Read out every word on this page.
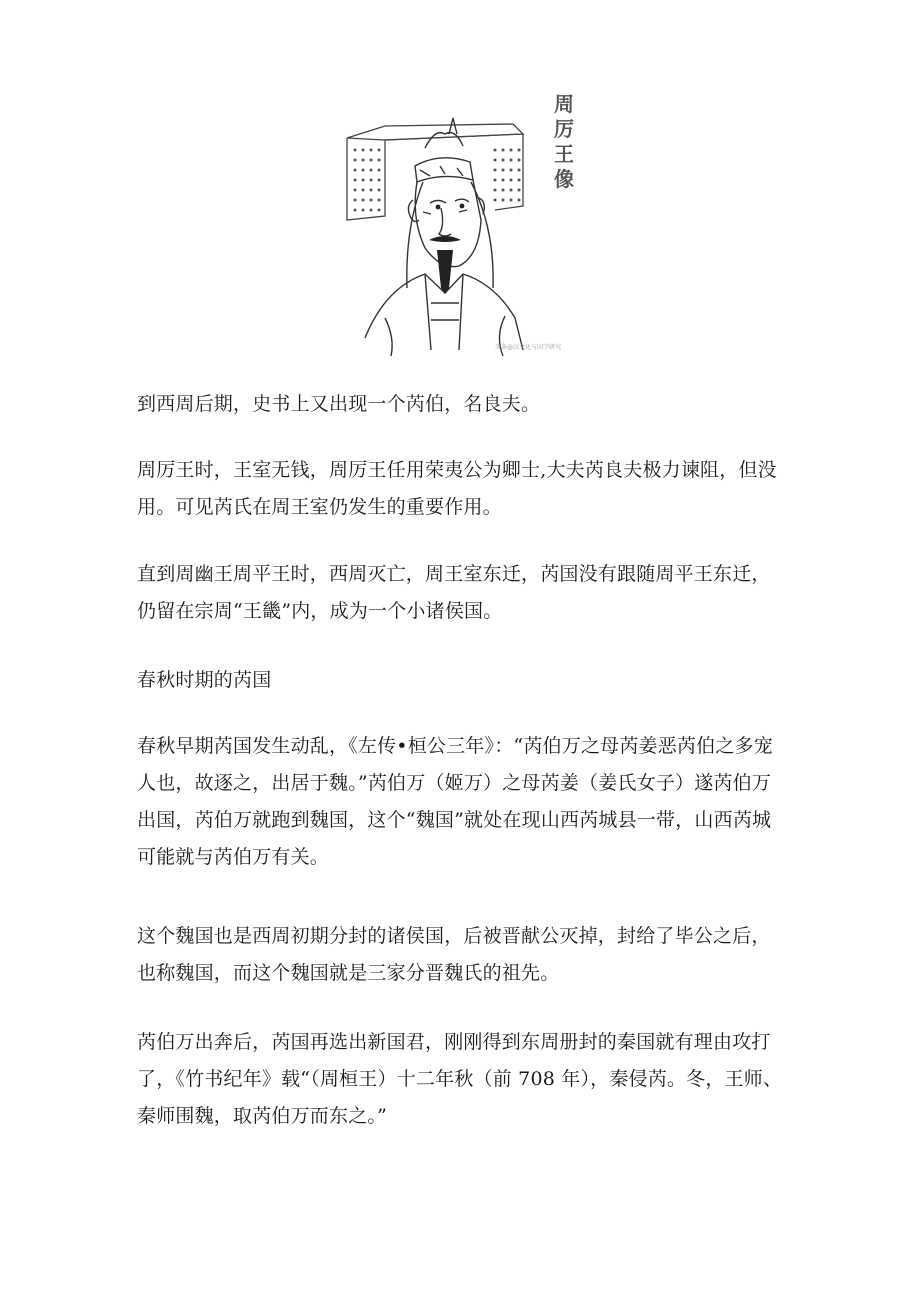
周
厉
王
像
头条@汉文化与国学研究

到西周后期，史书上又出现一个芮伯，名良夫。

周厉王时，王室无钱，周厉王任用荣夷公为卿士,大夫芮良夫极力谏阻，但没用。可见芮氏在周王室仍发生的重要作用。

直到周幽王周平王时，西周灭亡，周王室东迁，芮国没有跟随周平王东迁，仍留在宗周“王畿”内，成为一个小诸侯国。

春秋时期的芮国

春秋早期芮国发生动乱，《左传•桓公三年》：“芮伯万之母芮姜恶芮伯之多宠人也，故逐之，出居于魏。”芮伯万（姬万）之母芮姜（姜氏女子）遂芮伯万出国，芮伯万就跑到魏国，这个“魏国”就处在现山西芮城县一带，山西芮城可能就与芮伯万有关。

这个魏国也是西周初期分封的诸侯国，后被晋献公灭掉，封给了毕公之后，也称魏国，而这个魏国就是三家分晋魏氏的祖先。

芮伯万出奔后，芮国再选出新国君，刚刚得到东周册封的秦国就有理由攻打了，《竹书纪年》载“（周桓王）十二年秋（前 708 年），秦侵芮。冬，王师、秦师围魏，取芮伯万而东之。”
